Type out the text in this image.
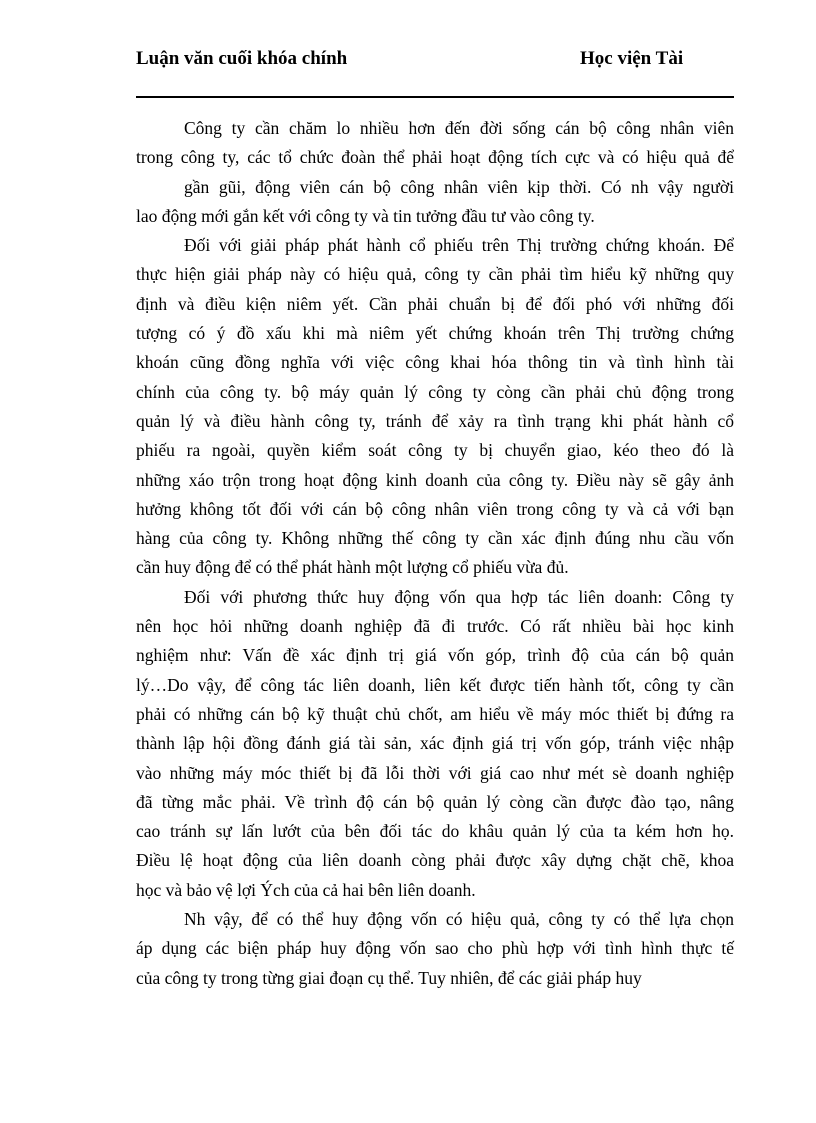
Luận văn cuối khóa chính	Học viện Tài

Công ty cần chăm lo nhiều hơn đến đời sống cán bộ công nhân viên

trong công ty, các tổ chức đoàn thể phải hoạt động tích cực và có hiệu quả để

gần gũi, động viên cán bộ công nhân viên kịp thời. Có nh vậy người

lao động mới gắn kết với công ty và tin tưởng đầu tư vào công ty.

Đối với giải pháp phát hành cổ phiếu trên Thị trường chứng khoán. Để

thực hiện giải pháp này có hiệu quả, công ty cần phải tìm hiểu kỹ những quy

định và điều kiện niêm yết. Cần phải chuẩn bị để đối phó với những đối

tượng có ý đồ xấu khi mà niêm yết chứng khoán trên Thị trường chứng

khoán cũng đồng nghĩa với việc công khai hóa thông tin và tình hình tài

chính của công ty. bộ máy quản lý công ty còng cần phải chủ động trong

quản lý và điều hành công ty, tránh để xảy ra tình trạng khi phát hành cổ

phiếu ra ngoài, quyền kiểm soát công ty bị chuyển giao, kéo theo đó là

những xáo trộn trong hoạt động kinh doanh của công ty. Điều này sẽ gây ảnh

hưởng không tốt đối với cán bộ công nhân viên trong công ty và cả với bạn

hàng của công ty. Không những thế công ty cần xác định đúng nhu cầu vốn

cần huy động để có thể phát hành một lượng cổ phiếu vừa đủ.

Đối với phương thức huy động vốn qua hợp tác liên doanh: Công ty

nên học hỏi những doanh nghiệp đã đi trước. Có rất nhiều bài học kinh

nghiệm như: Vấn đề xác định trị giá vốn góp, trình độ của cán bộ quản

lý…Do vậy, để công tác liên doanh, liên kết được tiến hành tốt, công ty cần

phải có những cán bộ kỹ thuật chủ chốt, am hiểu về máy móc thiết bị đứng ra

thành lập hội đồng đánh giá tài sản, xác định giá trị vốn góp, tránh việc nhập

vào những máy móc thiết bị đã lỗi thời với giá cao như mét sè doanh nghiệp

đã từng mắc phải. Về trình độ cán bộ quản lý còng cần được đào tạo, nâng

cao tránh sự lấn lướt của bên đối tác do khâu quản lý của ta kém hơn họ.

Điều lệ hoạt động của liên doanh còng phải được xây dựng chặt chẽ, khoa

học và bảo vệ lợi Ých của cả hai bên liên doanh.

Nh vậy, để có thể huy động vốn có hiệu quả, công ty có thể lựa chọn

áp dụng các biện pháp huy động vốn sao cho phù hợp với tình hình thực tế

của công ty trong từng giai đoạn cụ thể. Tuy nhiên, để các giải pháp huy
